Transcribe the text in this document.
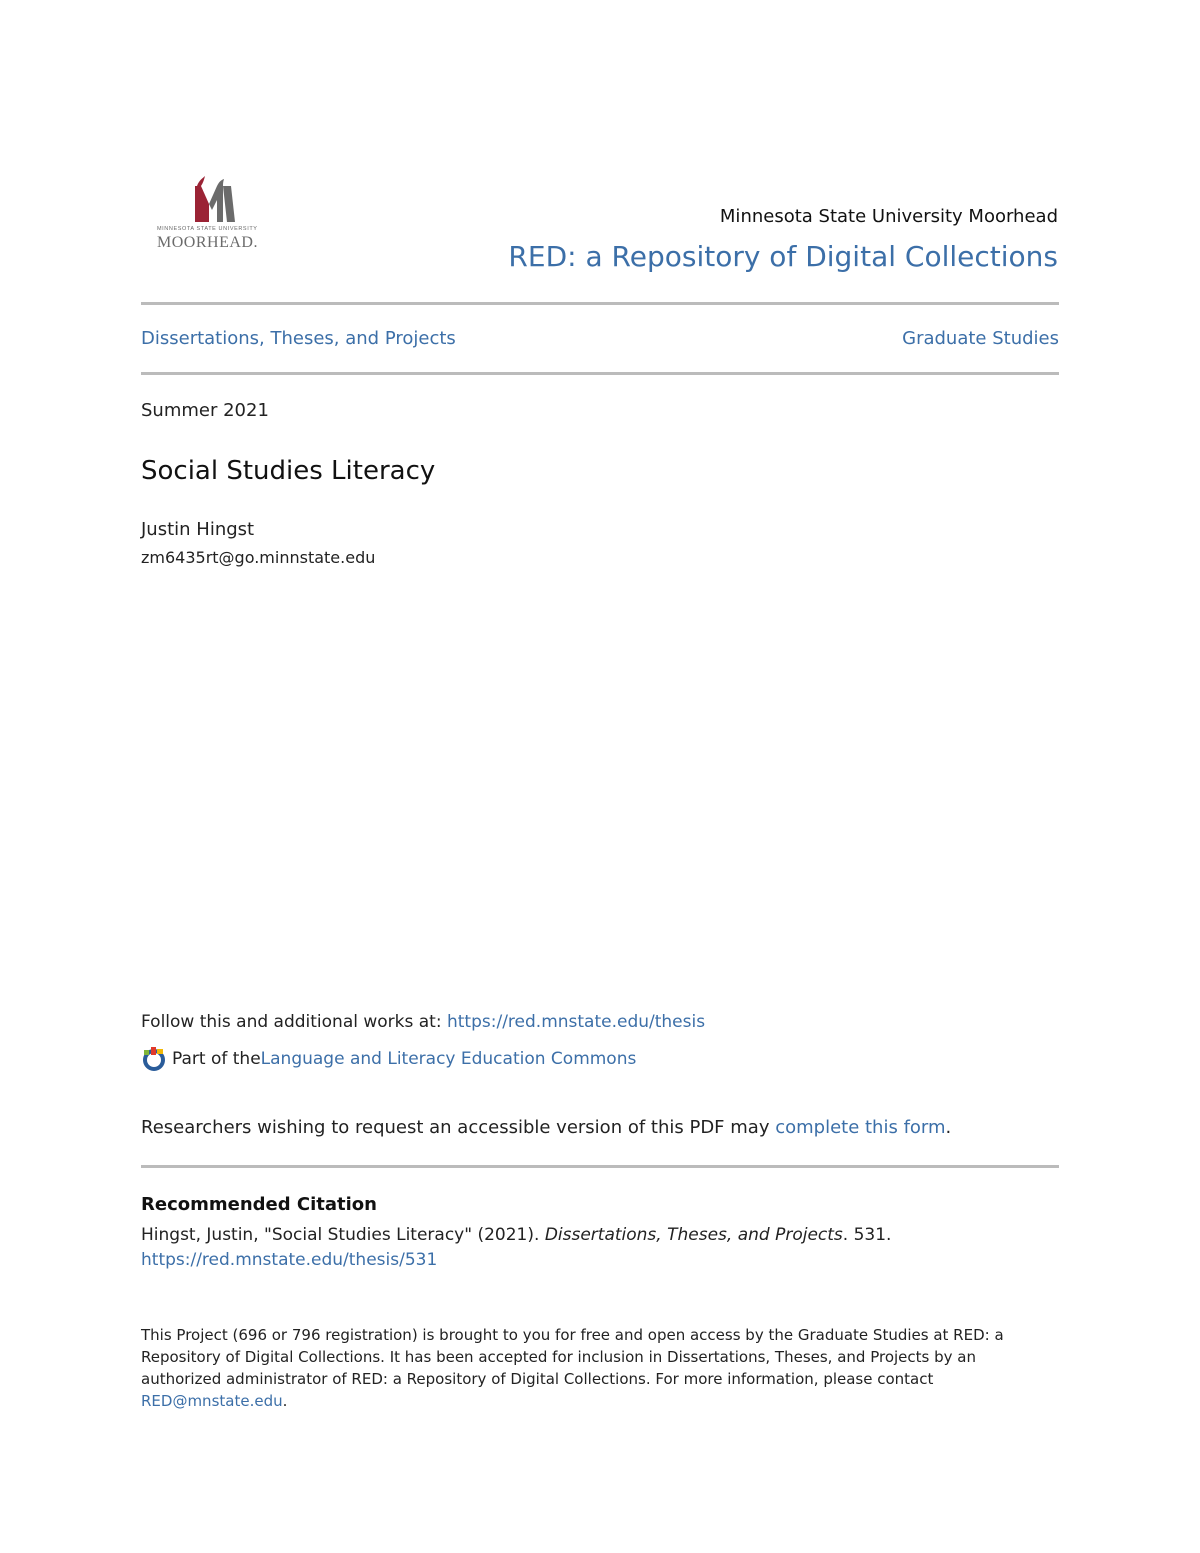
MINNESOTA STATE UNIVERSITY
MOORHEAD.
Minnesota State University Moorhead
RED: a Repository of Digital Collections
Dissertations, Theses, and Projects	Graduate Studies
Summer 2021
Social Studies Literacy
Justin Hingst
zm6435rt@go.minnstate.edu
Follow this and additional works at: https://red.mnstate.edu/thesis
Part of the Language and Literacy Education Commons
Researchers wishing to request an accessible version of this PDF may complete this form.
Recommended Citation
Hingst, Justin, "Social Studies Literacy" (2021). Dissertations, Theses, and Projects. 531.
https://red.mnstate.edu/thesis/531
This Project (696 or 796 registration) is brought to you for free and open access by the Graduate Studies at RED: a Repository of Digital Collections. It has been accepted for inclusion in Dissertations, Theses, and Projects by an authorized administrator of RED: a Repository of Digital Collections. For more information, please contact RED@mnstate.edu.
